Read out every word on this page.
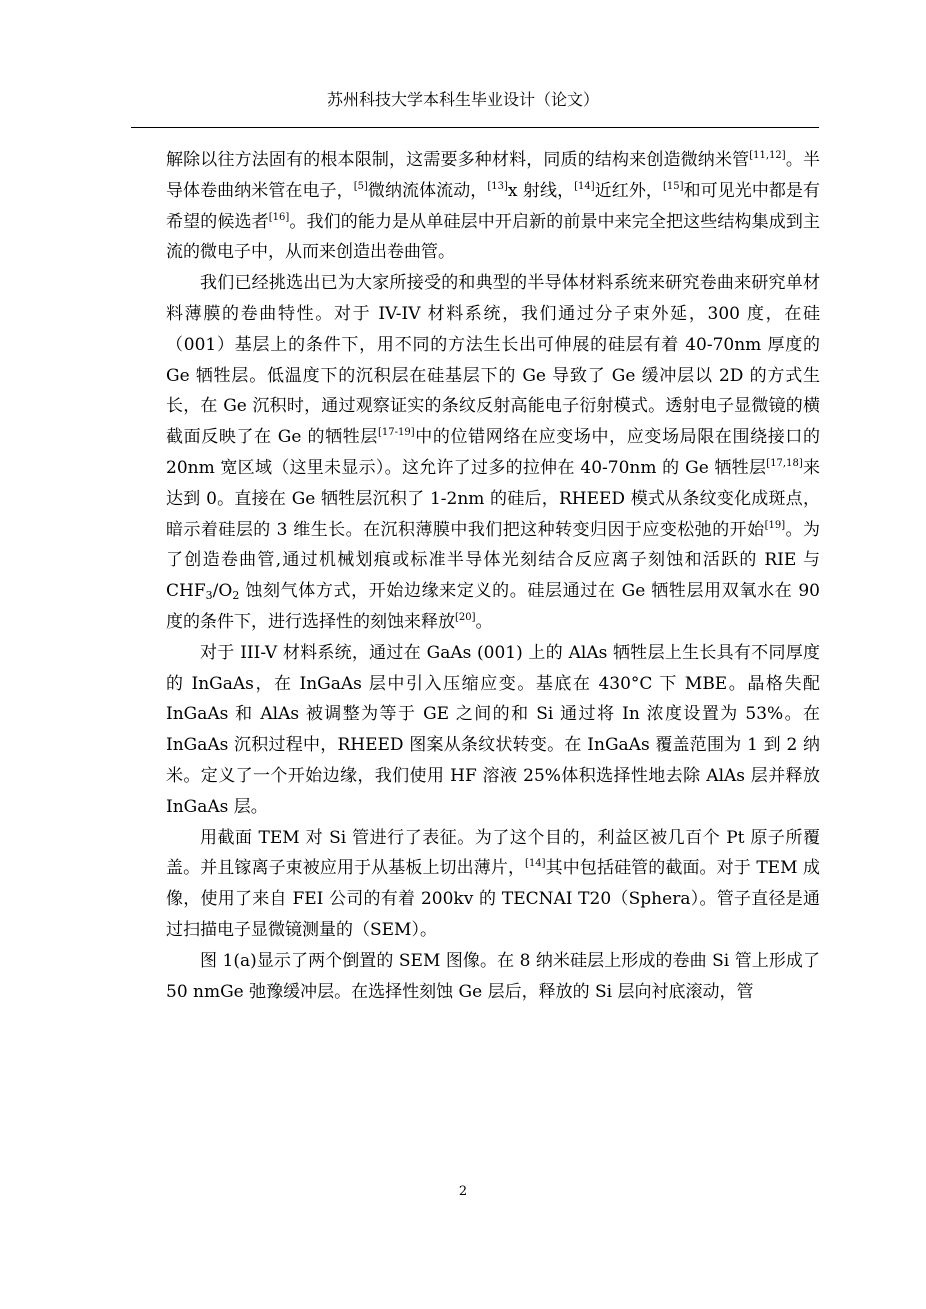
苏州科技大学本科生毕业设计（论文）

解除以往方法固有的根本限制，这需要多种材料，同质的结构来创造微纳米管[11,12]。半导体卷曲纳米管在电子，[5]微纳流体流动，[13]x 射线，[14]近红外，[15]和可见光中都是有希望的候选者[16]。我们的能力是从单硅层中开启新的前景中来完全把这些结构集成到主流的微电子中，从而来创造出卷曲管。

我们已经挑选出已为大家所接受的和典型的半导体材料系统来研究卷曲来研究单材料薄膜的卷曲特性。对于 IV-IV 材料系统，我们通过分子束外延，300 度，在硅（001）基层上的条件下，用不同的方法生长出可伸展的硅层有着 40-70nm 厚度的 Ge 牺牲层。低温度下的沉积层在硅基层下的 Ge 导致了 Ge 缓冲层以 2D 的方式生长，在 Ge 沉积时，通过观察证实的条纹反射高能电子衍射模式。透射电子显微镜的横截面反映了在 Ge 的牺牲层[17-19]中的位错网络在应变场中，应变场局限在围绕接口的 20nm 宽区域（这里未显示）。这允许了过多的拉伸在 40-70nm 的 Ge 牺牲层[17,18]来达到 0。直接在 Ge 牺牲层沉积了 1-2nm 的硅后，RHEED 模式从条纹变化成斑点，暗示着硅层的 3 维生长。在沉积薄膜中我们把这种转变归因于应变松弛的开始[19]。为了创造卷曲管,通过机械划痕或标准半导体光刻结合反应离子刻蚀和活跃的 RIE 与 $CHF_3/O_2$ 蚀刻气体方式，开始边缘来定义的。硅层通过在 Ge 牺牲层用双氧水在 90 度的条件下，进行选择性的刻蚀来释放[20]。

对于 III-V 材料系统，通过在 GaAs (001) 上的 AlAs 牺牲层上生长具有不同厚度的 InGaAs，在 InGaAs 层中引入压缩应变。基底在 430°C 下 MBE。晶格失配 InGaAs 和 AlAs 被调整为等于 GE 之间的和 Si 通过将 In 浓度设置为 53%。在 InGaAs 沉积过程中，RHEED 图案从条纹状转变。在 InGaAs 覆盖范围为 1 到 2 纳米。定义了一个开始边缘，我们使用 HF 溶液 25%体积选择性地去除 AlAs 层并释放 InGaAs 层。

用截面 TEM 对 Si 管进行了表征。为了这个目的，利益区被几百个 Pt 原子所覆盖。并且镓离子束被应用于从基板上切出薄片，[14]其中包括硅管的截面。对于 TEM 成像，使用了来自 FEI 公司的有着 200kv 的 TECNAI T20（Sphera）。管子直径是通过扫描电子显微镜测量的（SEM）。

图 1(a)显示了两个倒置的 SEM 图像。在 8 纳米硅层上形成的卷曲 Si 管上形成了 50 nmGe 弛豫缓冲层。在选择性刻蚀 Ge 层后，释放的 Si 层向衬底滚动，管

2
